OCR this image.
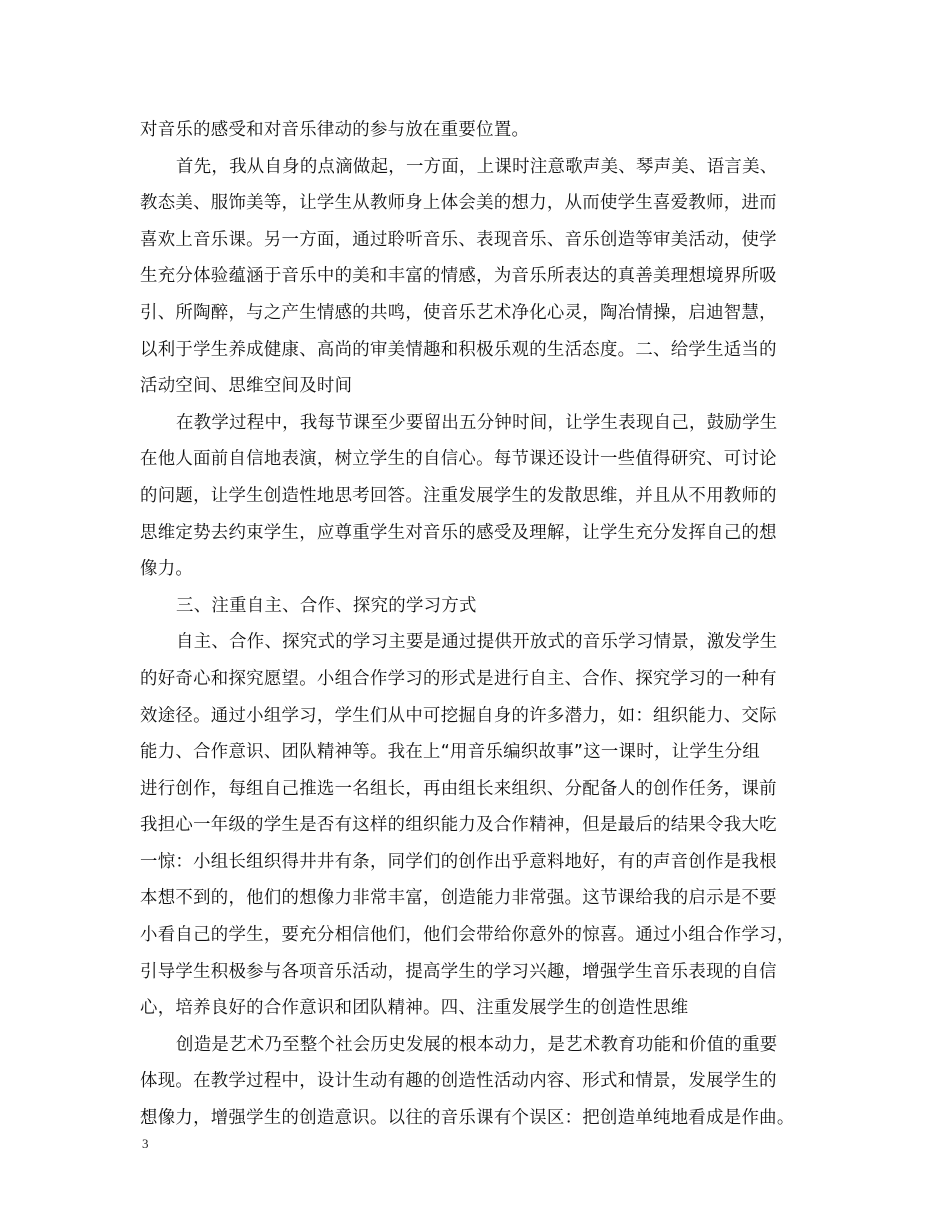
对音乐的感受和对音乐律动的参与放在重要位置。
首先，我从自身的点滴做起，一方面，上课时注意歌声美、琴声美、语言美、
教态美、服饰美等，让学生从教师身上体会美的想力，从而使学生喜爱教师，进而
喜欢上音乐课。另一方面，通过聆听音乐、表现音乐、音乐创造等审美活动，使学
生充分体验蕴涵于音乐中的美和丰富的情感，为音乐所表达的真善美理想境界所吸
引、所陶醉，与之产生情感的共鸣，使音乐艺术净化心灵，陶冶情操，启迪智慧，
以利于学生养成健康、高尚的审美情趣和积极乐观的生活态度。二、给学生适当的
活动空间、思维空间及时间
在教学过程中，我每节课至少要留出五分钟时间，让学生表现自己，鼓励学生
在他人面前自信地表演，树立学生的自信心。每节课还设计一些值得研究、可讨论
的问题，让学生创造性地思考回答。注重发展学生的发散思维，并且从不用教师的
思维定势去约束学生，应尊重学生对音乐的感受及理解，让学生充分发挥自己的想
像力。
三、注重自主、合作、探究的学习方式
自主、合作、探究式的学习主要是通过提供开放式的音乐学习情景，激发学生
的好奇心和探究愿望。小组合作学习的形式是进行自主、合作、探究学习的一种有
效途径。通过小组学习，学生们从中可挖掘自身的许多潜力，如：组织能力、交际
能力、合作意识、团队精神等。我在上“用音乐编织故事”这一课时，让学生分组
进行创作，每组自己推选一名组长，再由组长来组织、分配备人的创作任务，课前
我担心一年级的学生是否有这样的组织能力及合作精神，但是最后的结果令我大吃
一惊：小组长组织得井井有条，同学们的创作出乎意料地好，有的声音创作是我根
本想不到的，他们的想像力非常丰富，创造能力非常强。这节课给我的启示是不要
小看自己的学生，要充分相信他们，他们会带给你意外的惊喜。通过小组合作学习，
引导学生积极参与各项音乐活动，提高学生的学习兴趣，增强学生音乐表现的自信
心，培养良好的合作意识和团队精神。四、注重发展学生的创造性思维
创造是艺术乃至整个社会历史发展的根本动力，是艺术教育功能和价值的重要
体现。在教学过程中，设计生动有趣的创造性活动内容、形式和情景，发展学生的
想像力，增强学生的创造意识。以往的音乐课有个误区：把创造单纯地看成是作曲。
3
